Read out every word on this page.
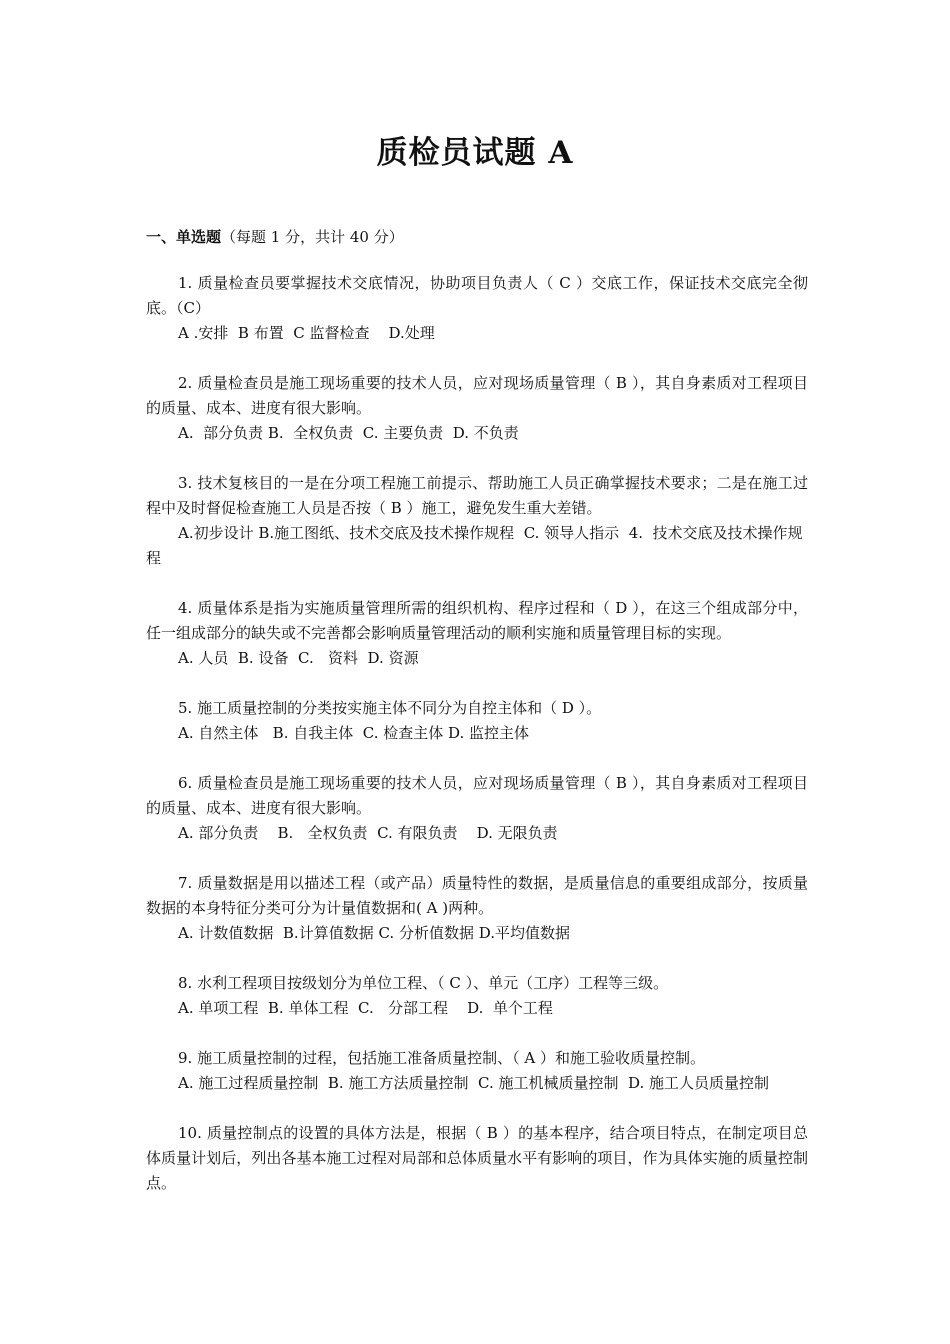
质检员试题 A
一、单选题（每题 1 分，共计 40 分）

1. 质量检查员要掌握技术交底情况，协助项目负责人（ C ）交底工作，保证技术交底完全彻底。（C）

A .安排  B 布置  C 监督检查    D.处理

2. 质量检查员是施工现场重要的技术人员，应对现场质量管理（ B ），其自身素质对工程项目的质量、成本、进度有很大影响。

A.  部分负责 B.  全权负责  C. 主要负责  D. 不负责

3. 技术复核目的一是在分项工程施工前提示、帮助施工人员正确掌握技术要求；二是在施工过程中及时督促检查施工人员是否按（ B ）施工，避免发生重大差错。

A.初步设计 B.施工图纸、技术交底及技术操作规程  C. 领导人指示  4.  技术交底及技术操作规程

4. 质量体系是指为实施质量管理所需的组织机构、程序过程和（ D ），在这三个组成部分中，任一组成部分的缺失或不完善都会影响质量管理活动的顺利实施和质量管理目标的实现。

A. 人员  B. 设备  C.   资料  D. 资源

5. 施工质量控制的分类按实施主体不同分为自控主体和（ D ）。

A. 自然主体   B. 自我主体  C. 检查主体 D. 监控主体

6. 质量检查员是施工现场重要的技术人员，应对现场质量管理（ B ），其自身素质对工程项目的质量、成本、进度有很大影响。

A. 部分负责    B.   全权负责  C. 有限负责    D. 无限负责

7. 质量数据是用以描述工程（或产品）质量特性的数据，是质量信息的重要组成部分，按质量数据的本身特征分类可分为计量值数据和( A )两种。

A. 计数值数据  B.计算值数据 C. 分析值数据 D.平均值数据

8. 水利工程项目按级划分为单位工程、（ C ）、单元（工序）工程等三级。

A. 单项工程  B. 单体工程  C.   分部工程    D.  单个工程

9. 施工质量控制的过程，包括施工准备质量控制、（ A ）和施工验收质量控制。

A. 施工过程质量控制  B. 施工方法质量控制  C. 施工机械质量控制  D. 施工人员质量控制

10. 质量控制点的设置的具体方法是，根据（ B ）的基本程序，结合项目特点，在制定项目总体质量计划后，列出各基本施工过程对局部和总体质量水平有影响的项目，作为具体实施的质量控制点。
